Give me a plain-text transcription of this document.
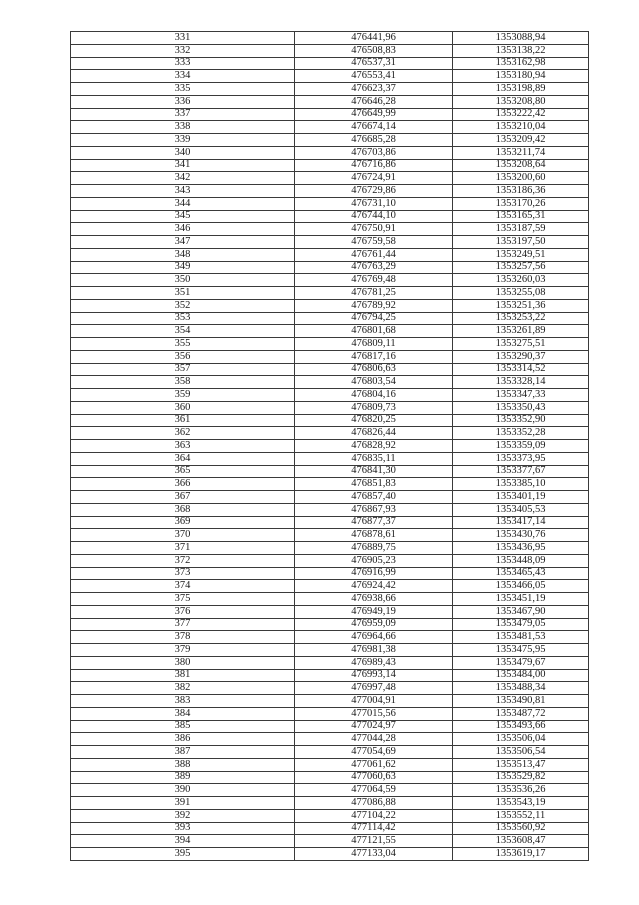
331	476441,96	1353088,94
332	476508,83	1353138,22
333	476537,31	1353162,98
334	476553,41	1353180,94
335	476623,37	1353198,89
336	476646,28	1353208,80
337	476649,99	1353222,42
338	476674,14	1353210,04
339	476685,28	1353209,42
340	476703,86	1353211,74
341	476716,86	1353208,64
342	476724,91	1353200,60
343	476729,86	1353186,36
344	476731,10	1353170,26
345	476744,10	1353165,31
346	476750,91	1353187,59
347	476759,58	1353197,50
348	476761,44	1353249,51
349	476763,29	1353257,56
350	476769,48	1353260,03
351	476781,25	1353255,08
352	476789,92	1353251,36
353	476794,25	1353253,22
354	476801,68	1353261,89
355	476809,11	1353275,51
356	476817,16	1353290,37
357	476806,63	1353314,52
358	476803,54	1353328,14
359	476804,16	1353347,33
360	476809,73	1353350,43
361	476820,25	1353352,90
362	476826,44	1353352,28
363	476828,92	1353359,09
364	476835,11	1353373,95
365	476841,30	1353377,67
366	476851,83	1353385,10
367	476857,40	1353401,19
368	476867,93	1353405,53
369	476877,37	1353417,14
370	476878,61	1353430,76
371	476889,75	1353436,95
372	476905,23	1353448,09
373	476916,99	1353465,43
374	476924,42	1353466,05
375	476938,66	1353451,19
376	476949,19	1353467,90
377	476959,09	1353479,05
378	476964,66	1353481,53
379	476981,38	1353475,95
380	476989,43	1353479,67
381	476993,14	1353484,00
382	476997,48	1353488,34
383	477004,91	1353490,81
384	477015,56	1353487,72
385	477024,97	1353493,66
386	477044,28	1353506,04
387	477054,69	1353506,54
388	477061,62	1353513,47
389	477060,63	1353529,82
390	477064,59	1353536,26
391	477086,88	1353543,19
392	477104,22	1353552,11
393	477114,42	1353560,92
394	477121,55	1353608,47
395	477133,04	1353619,17
